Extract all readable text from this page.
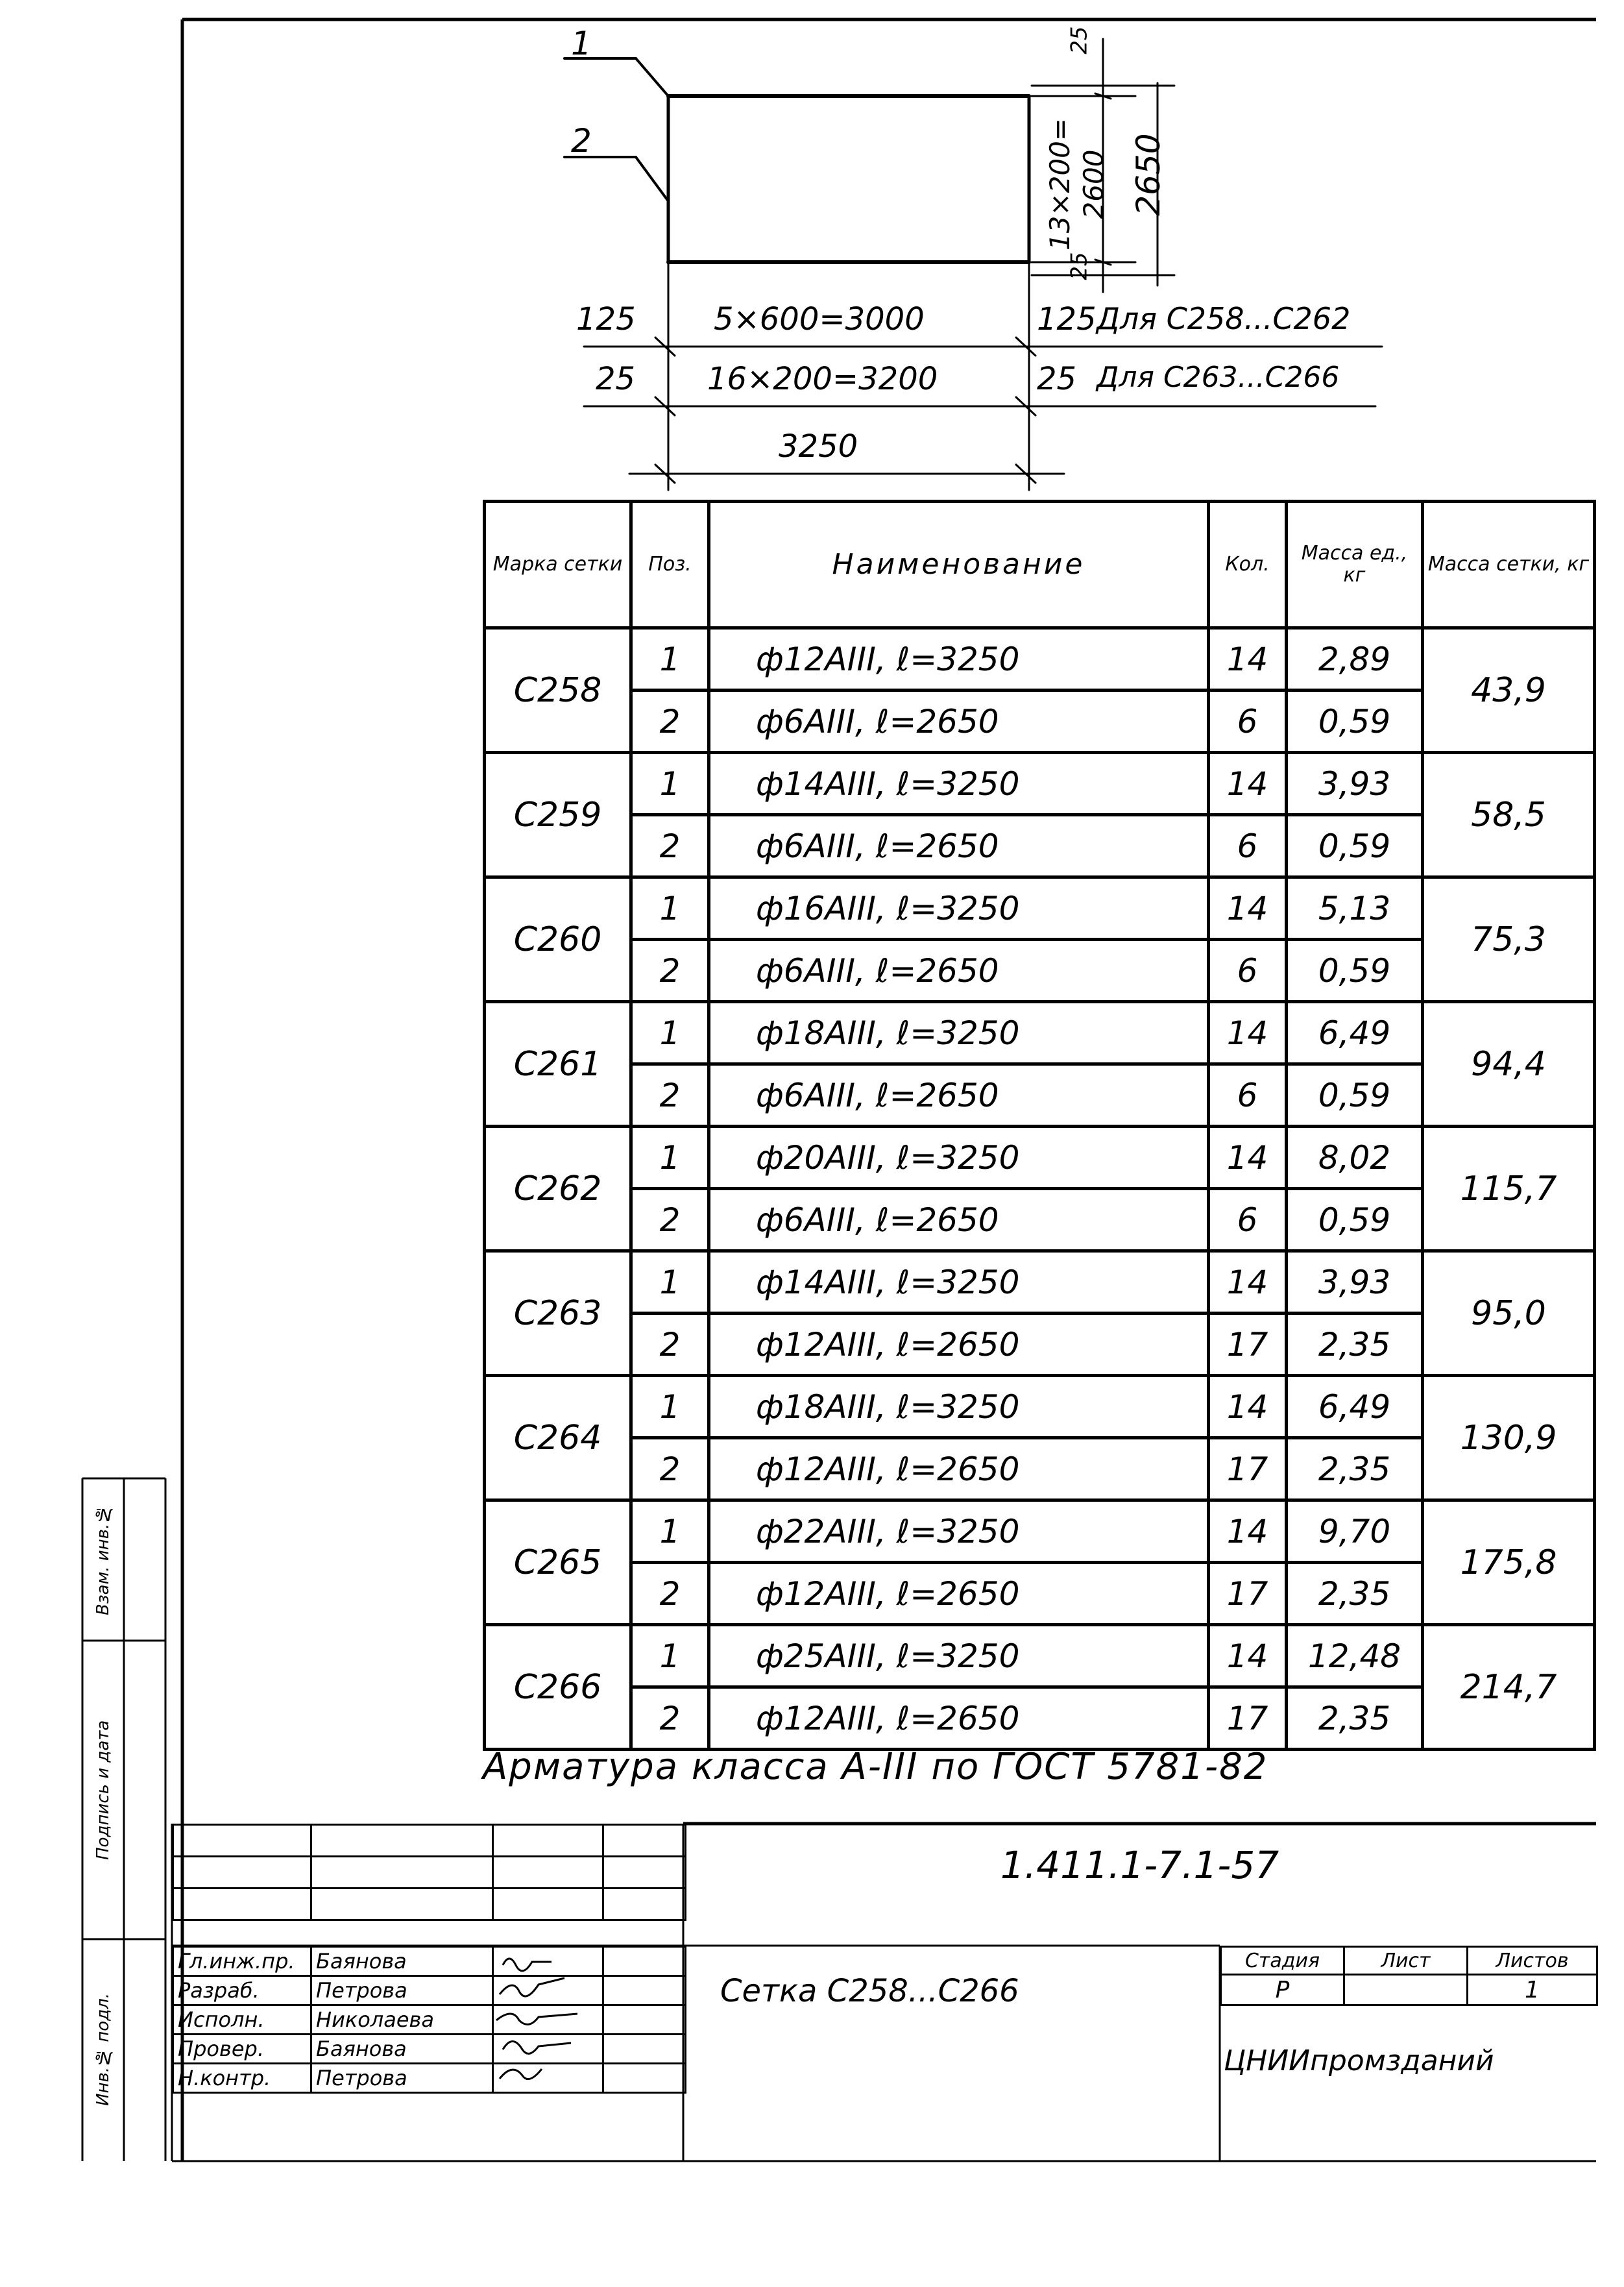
Инв.№ подл.
Подпись и дата
Взам. инв.№
1
2
25
13×200=
2600 2650
25
125	5×600=3000	125 Для С258...С262
25 16×200=3200	25 Для С263...С266
3250
Марка сетки	Поз.	Наименование	Кол.	Масса ед., кг	Масса сетки, кг
С258	1	ф12АIII, ℓ=3250	14	2,89	43,9
	2	ф6АIII, ℓ=2650	6	0,59	
С259	1	ф14АIII, ℓ=3250	14	3,93	58,5
	2	ф6АIII, ℓ=2650	6	0,59	
С260	1	ф16АIII, ℓ=3250	14	5,13	75,3
	2	ф6АIII, ℓ=2650	6	0,59	
С261	1	ф18АIII, ℓ=3250	14	6,49	94,4
	2	ф6АIII, ℓ=2650	6	0,59	
С262	1	ф20АIII, ℓ=3250	14	8,02	115,7
	2	ф6АIII, ℓ=2650	6	0,59	
С263	1	ф14АIII, ℓ=3250	14	3,93	95,0
	2	ф12АIII, ℓ=2650	17	2,35	
С264	1	ф18АIII, ℓ=3250	14	6,49	130,9
	2	ф12АIII, ℓ=2650	17	2,35	
С265	1	ф22АIII, ℓ=3250	14	9,70	175,8
	2	ф12АIII, ℓ=2650	17	2,35	
С266	1	ф25АIII, ℓ=3250	14	12,48	214,7
	2	ф12АIII, ℓ=2650	17	2,35	
Арматура класса А-III по ГОСТ 5781-82

1.411.1-7.1-57
Гл.инж.пр.	Баянова		
Разраб.	Петрова		
Исполн.	Николаева		
Провер.	Баянова		
Н.контр.	Петрова		
Сетка С258...С266
Стадия	Лист	Листов
Р		1
ЦНИИпромзданий
